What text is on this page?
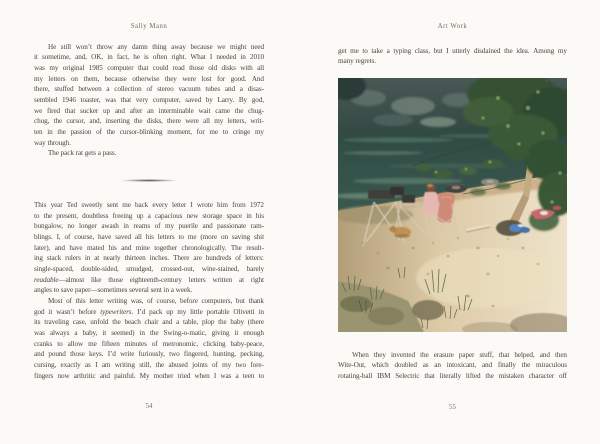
Sally Mann
He still won’t throw any damn thing away because we might need
it sometime, and, OK, in fact, he is often right. What I needed in 2010
was my original 1985 computer that could read those old disks with all
my letters on them, because otherwise they were lost for good. And
there, stuffed between a collection of stereo vacuum tubes and a disas-
sembled 1946 toaster, was that very computer, saved by Larry. By god,
we fired that sucker up and after an interminable wait came the chug-
chug, the cursor, and, inserting the disks, there were all my letters, writ-
ten in the passion of the cursor-blinking moment, for me to cringe my
way through.
The pack rat gets a pass.
This year Ted sweetly sent me back every letter I wrote him from 1972
to the present, doubtless freeing up a capacious new storage space in his
bungalow, no longer awash in reams of my puerile and passionate ram-
blings. I, of course, have saved all his letters to me (more on saving shit
later), and have mated his and mine together chronologically. The result-
ing stack rulers in at nearly thirteen inches. There are hundreds of letters:
single-spaced, double-sided, smudged, crossed-out, wine-stained, barely
readable—almost like those eighteenth-century letters written at right
angles to save paper—sometimes several sent in a week.
Most of this letter writing was, of course, before computers, but thank
god it wasn’t before typewriters. I’d pack up my little portable Olivetti in
its traveling case, unfold the beach chair and a table, plop the baby (there
was always a baby, it seemed) in the Swing-o-matic, giving it enough
cranks to allow me fifteen minutes of metronomic, clicking baby-peace,
and pound those keys. I’d write furiously, two fingered, hunting, pecking,
cursing, exactly as I am writing still, the abused joints of my two fore-
fingers now arthritic and painful. My mother tried when I was a teen to
54
Art Work
get me to take a typing class, but I utterly disdained the idea. Among my
many regrets.
When they invented the erasure paper stuff, that helped, and then
Wite-Out, which doubled as an intoxicant, and finally the miraculous
rotating-ball IBM Selectric that literally lifted the mistaken character off
55
